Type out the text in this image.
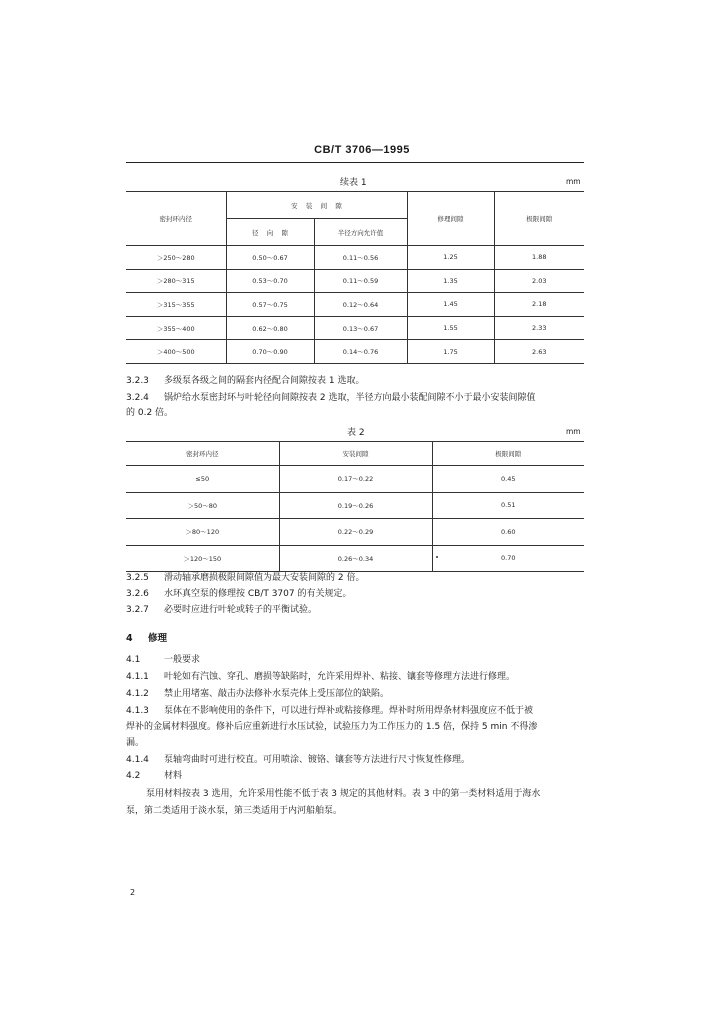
CB/T 3706—1995
续表 1	mm
密封环内径	安    装    间    隙		修理间隙	极限间隙
	径    向    隙	半径方向允许值		
＞250～280	0.50～0.67	0.11～0.56	1.25	1.88
＞280～315	0.53～0.70	0.11～0.59	1.35	2.03
＞315～355	0.57～0.75	0.12～0.64	1.45	2.18
＞355～400	0.62～0.80	0.13～0.67	1.55	2.33
＞400～500	0.70～0.90	0.14～0.76	1.75	2.63
3.2.3 多级泵各级之间的隔套内径配合间隙按表 1 选取。
3.2.4 锅炉给水泵密封环与叶轮径向间隙按表 2 选取，半径方向最小装配间隙不小于最小安装间隙值
的 0.2 倍。
表 2	mm
密封环内径	安装间隙	极限间隙
≤50	0.17～0.22	0.45
＞50～80	0.19～0.26	0.51
＞80～120	0.22～0.29	0.60
＞120～150	0.26～0.34	0.70
3.2.5 滑动轴承磨损极限间隙值为最大安装间隙的 2 倍。
3.2.6 水环真空泵的修理按 CB/T 3707 的有关规定。
3.2.7 必要时应进行叶轮或转子的平衡试验。
4 修理
4.1	一般要求
4.1.1 叶轮如有汽蚀、穿孔、磨损等缺陷时，允许采用焊补、粘接、镶套等修理方法进行修理。
4.1.2 禁止用堵塞、敲击办法修补水泵壳体上受压部位的缺陷。
4.1.3 泵体在不影响使用的条件下，可以进行焊补或粘接修理。焊补时所用焊条材料强度应不低于被
焊补的金属材料强度。修补后应重新进行水压试验，试验压力为工作压力的 1.5 倍，保持 5 min 不得渗
漏。
4.1.4 泵轴弯曲时可进行校直。可用喷涂、镀铬、镶套等方法进行尺寸恢复性修理。
4.2	材料
泵用材料按表 3 选用，允许采用性能不低于表 3 规定的其他材料。表 3 中的第一类材料适用于海水
泵，第二类适用于淡水泵，第三类适用于内河船舶泵。
2
